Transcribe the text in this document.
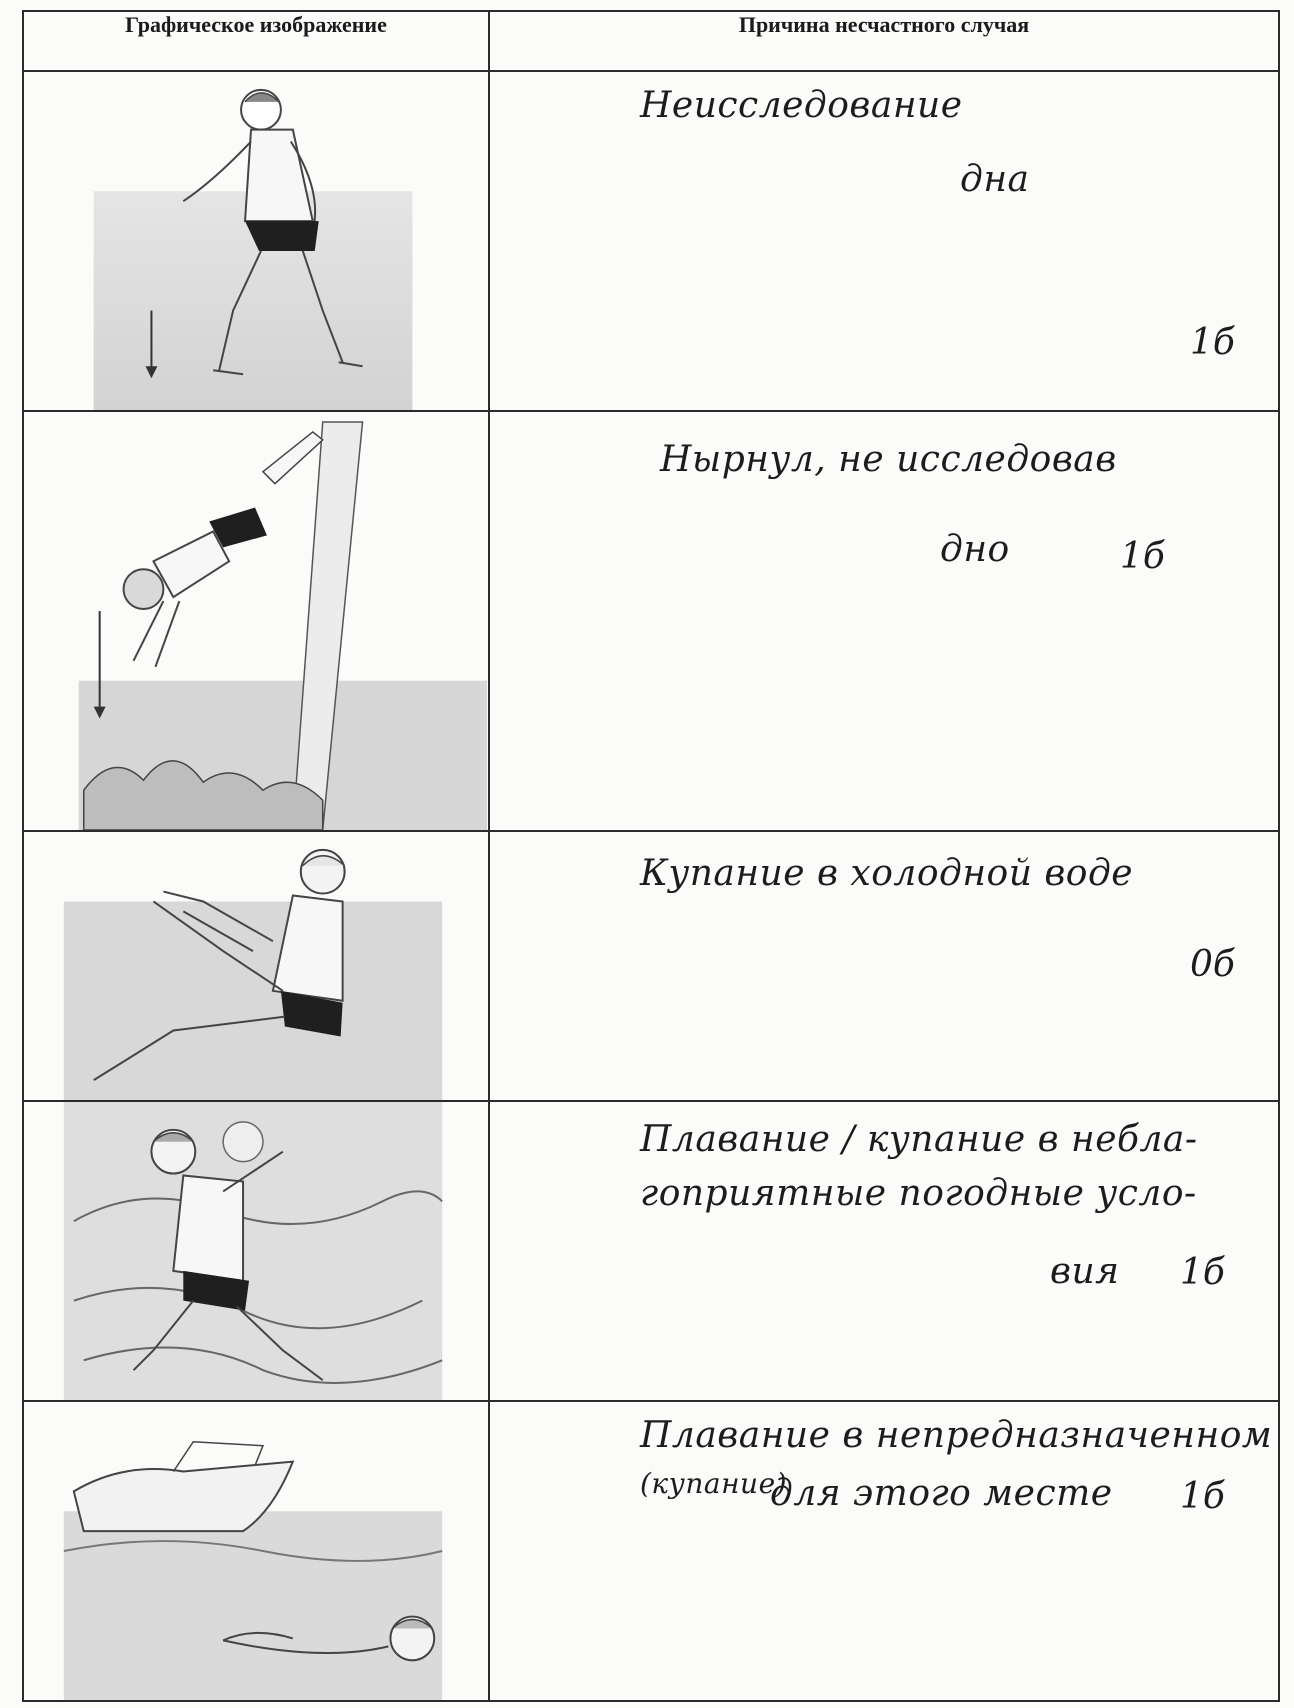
Графическое изображение	Причина несчастного случая

Неисследование
дна
1б

Нырнул, не исследовав
дно 1б

Купание в холодной воде
0б

Плавание / купание в неблa-
гоприятные погодные усло-
вия 1б

Плавание в непредназначенном
(купание)
для этого месте 1б
